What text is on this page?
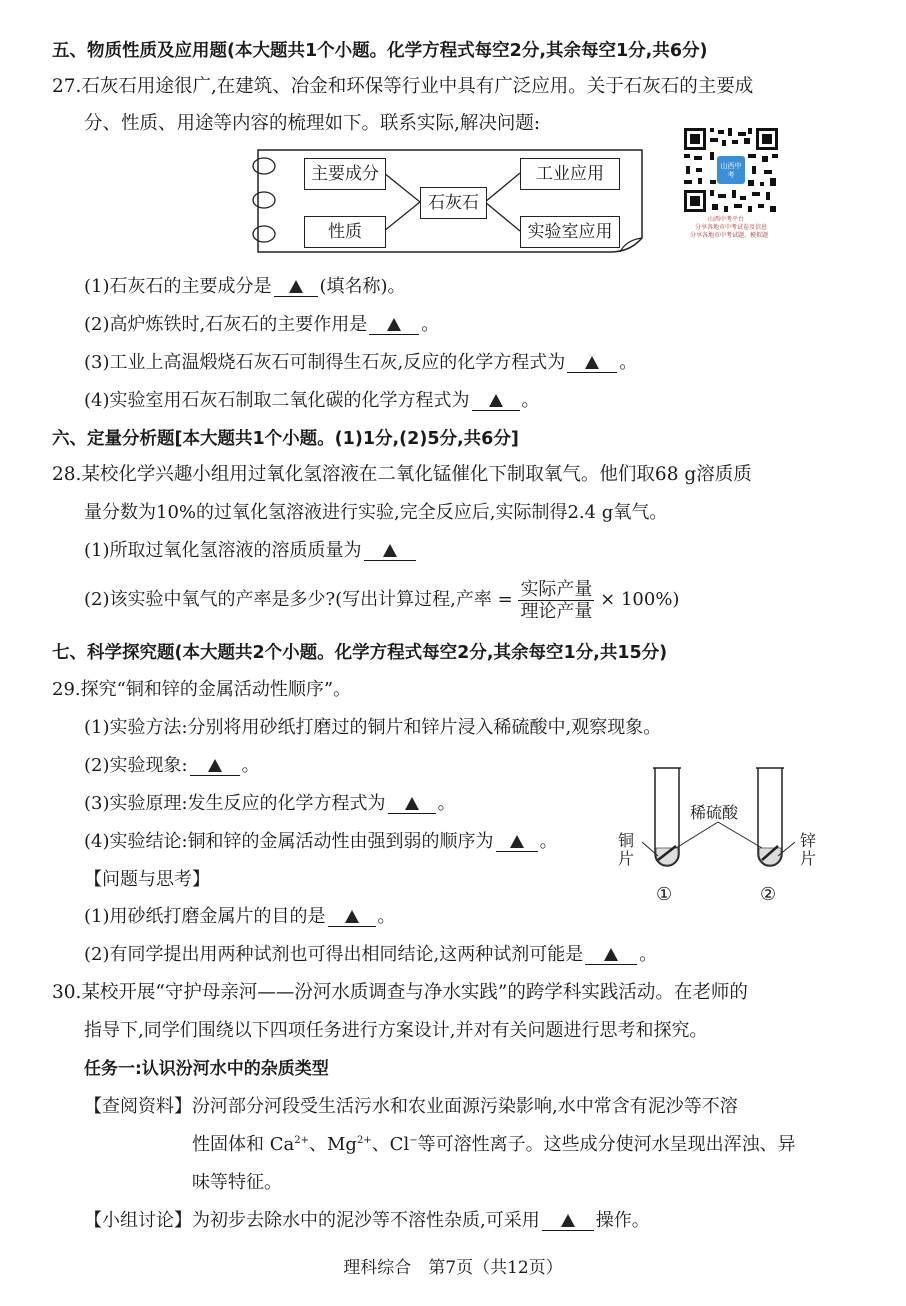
五、物质性质及应用题(本大题共1个小题。化学方程式每空2分,其余每空1分,共6分)
27.石灰石用途很广,在建筑、冶金和环保等行业中具有广泛应用。关于石灰石的主要成
分、性质、用途等内容的梳理如下。联系实际,解决问题:
主要成分
性质
石灰石
工业应用
实验室应用
山西中考
山西中考平台
分享各地市中考试卷及信息
分享各地市中考试题、模拟题
(1)石灰石的主要成分是	(填名称)。
(2)高炉炼铁时,石灰石的主要作用是	。
(3)工业上高温煅烧石灰石可制得生石灰,反应的化学方程式为	。
(4)实验室用石灰石制取二氧化碳的化学方程式为	。
六、定量分析题[本大题共1个小题。(1)1分,(2)5分,共6分]
28.某校化学兴趣小组用过氧化氢溶液在二氧化锰催化下制取氧气。他们取68 g溶质质
量分数为10%的过氧化氢溶液进行实验,完全反应后,实际制得2.4 g氧气。
(1)所取过氧化氢溶液的溶质质量为
(2)该实验中氧气的产率是多少?(写出计算过程,产率 = $\frac{\text{实际产量}}{\text{理论产量}} \times 100\%$)
七、科学探究题(本大题共2个小题。化学方程式每空2分,其余每空1分,共15分)
29.探究“铜和锌的金属活动性顺序”。
(1)实验方法:分别将用砂纸打磨过的铜片和锌片浸入稀硫酸中,观察现象。
(2)实验现象:	。
(3)实验原理:发生反应的化学方程式为	。
(4)实验结论:铜和锌的金属活动性由强到弱的顺序为	。
【问题与思考】
(1)用砂纸打磨金属片的目的是	。
(2)有同学提出用两种试剂也可得出相同结论,这两种试剂可能是	。
稀硫酸
铜
片
锌
片
①	②
30.某校开展“守护母亲河——汾河水质调查与净水实践”的跨学科实践活动。在老师的
指导下,同学们围绕以下四项任务进行方案设计,并对有关问题进行思考和探究。
任务一:认识汾河水中的杂质类型
【查阅资料】汾河部分河段受生活污水和农业面源污染影响,水中常含有泥沙等不溶
性固体和 $Ca^{2+}$、$Mg^{2+}$、Cl−等可溶性离子。这些成分使河水呈现出浑浊、异
味等特征。
【小组讨论】为初步去除水中的泥沙等不溶性杂质,可采用	操作。
理科综合　第7页（共12页）
